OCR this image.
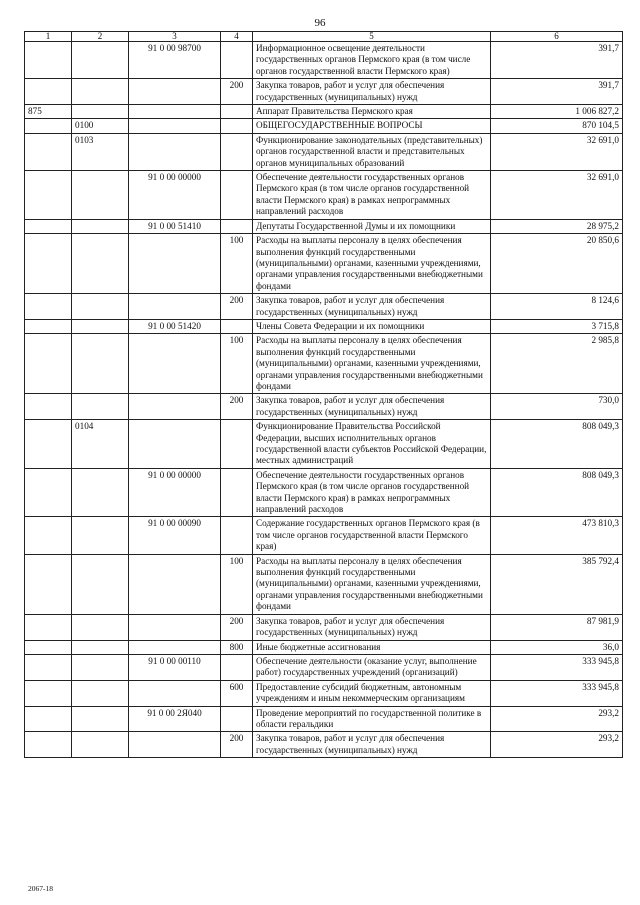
96
1	2	3	4	5	6
		91 0 00 98700		Информационное освещение деятельности государственных органов Пермского края (в том числе органов государственной власти Пермского края)	391,7
			200	Закупка товаров, работ и услуг для обеспечения государственных (муниципальных) нужд	391,7
875				Аппарат Правительства Пермского края	1 006 827,2
	0100			ОБЩЕГОСУДАРСТВЕННЫЕ ВОПРОСЫ	870 104,5
	0103			Функционирование законодательных (представительных) органов государственной власти и представительных органов муниципальных образований	32 691,0
		91 0 00 00000		Обеспечение деятельности государственных органов Пермского края (в том числе органов государственной власти Пермского края) в рамках непрограммных направлений расходов	32 691,0
		91 0 00 51410		Депутаты Государственной Думы и их помощники	28 975,2
			100	Расходы на выплаты персоналу в целях обеспечения выполнения функций государственными (муниципальными) органами, казенными учреждениями, органами управления государственными внебюджетными фондами	20 850,6
			200	Закупка товаров, работ и услуг для обеспечения государственных (муниципальных) нужд	8 124,6
		91 0 00 51420		Члены Совета Федерации и их помощники	3 715,8
			100	Расходы на выплаты персоналу в целях обеспечения выполнения функций государственными (муниципальными) органами, казенными учреждениями, органами управления государственными внебюджетными фондами	2 985,8
			200	Закупка товаров, работ и услуг для обеспечения государственных (муниципальных) нужд	730,0
	0104			Функционирование Правительства Российской Федерации, высших исполнительных органов государственной власти субъектов Российской Федерации, местных администраций	808 049,3
		91 0 00 00000		Обеспечение деятельности государственных органов Пермского края (в том числе органов государственной власти Пермского края) в рамках непрограммных направлений расходов	808 049,3
		91 0 00 00090		Содержание государственных органов Пермского края (в том числе органов государственной власти Пермского края)	473 810,3
			100	Расходы на выплаты персоналу в целях обеспечения выполнения функций государственными (муниципальными) органами, казенными учреждениями, органами управления государственными внебюджетными фондами	385 792,4
			200	Закупка товаров, работ и услуг для обеспечения государственных (муниципальных) нужд	87 981,9
			800	Иные бюджетные ассигнования	36,0
		91 0 00 00110		Обеспечение деятельности (оказание услуг, выполнение работ) государственных учреждений (организаций)	333 945,8
			600	Предоставление субсидий бюджетным, автономным учреждениям и иным некоммерческим организациям	333 945,8
		91 0 00 2Я040		Проведение мероприятий по государственной политике в области геральдики	293,2
			200	Закупка товаров, работ и услуг для обеспечения государственных (муниципальных) нужд	293,2
2067-18
